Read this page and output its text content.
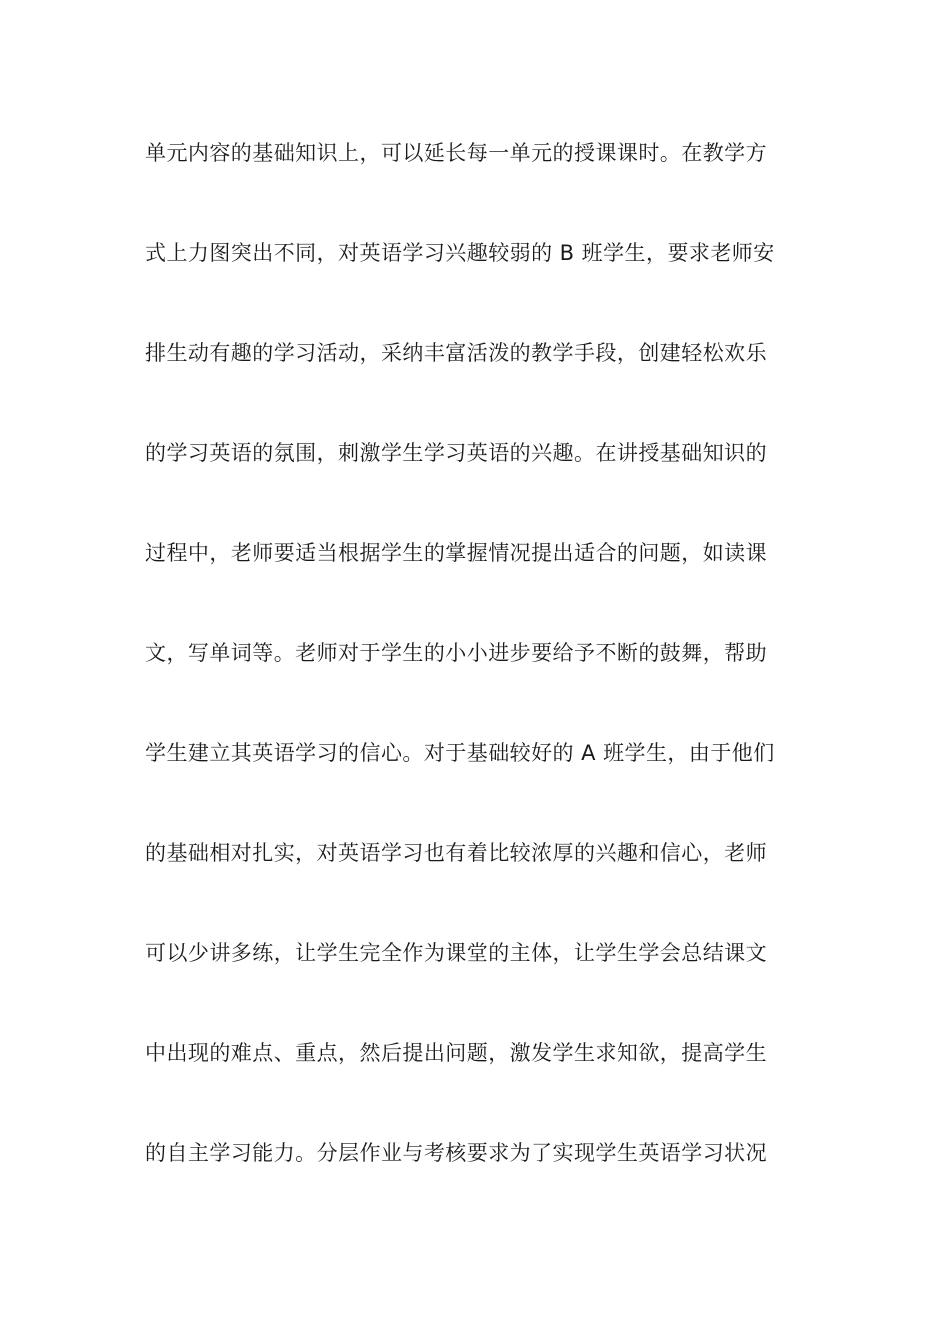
单元内容的基础知识上，可以延长每一单元的授课课时。在教学方
式上力图突出不同，对英语学习兴趣较弱的 B 班学生，要求老师安
排生动有趣的学习活动，采纳丰富活泼的教学手段，创建轻松欢乐
的学习英语的氛围，刺激学生学习英语的兴趣。在讲授基础知识的
过程中，老师要适当根据学生的掌握情况提出适合的问题，如读课
文，写单词等。老师对于学生的小小进步要给予不断的鼓舞，帮助
学生建立其英语学习的信心。对于基础较好的 A 班学生，由于他们
的基础相对扎实，对英语学习也有着比较浓厚的兴趣和信心，老师
可以少讲多练，让学生完全作为课堂的主体，让学生学会总结课文
中出现的难点、重点，然后提出问题，激发学生求知欲，提高学生
的自主学习能力。分层作业与考核要求为了实现学生英语学习状况
